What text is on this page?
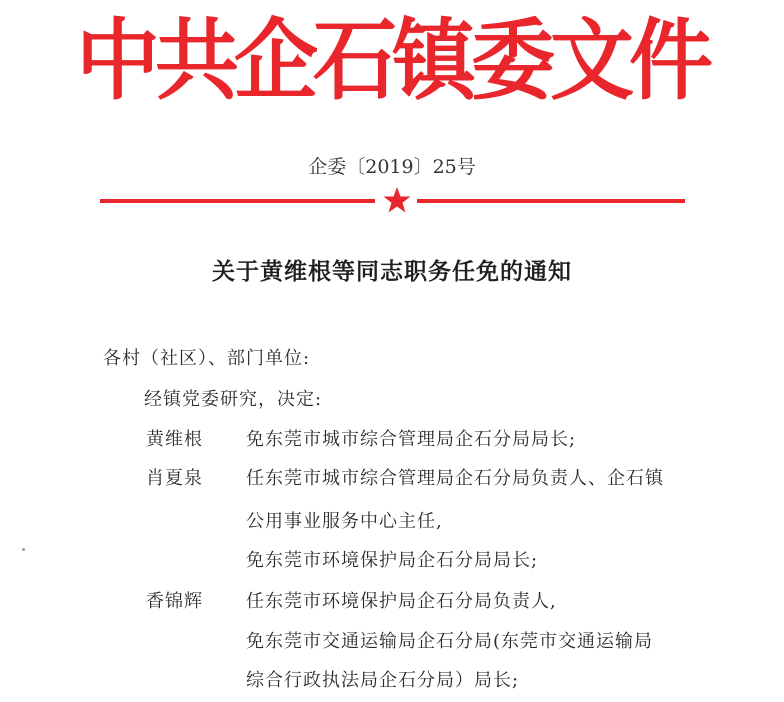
中共企石镇委文件
企委〔2019〕25号
关于黄维根等同志职务任免的通知
各村（社区）、部门单位:
经镇党委研究，决定:
黄维根 免东莞市城市综合管理局企石分局局长;
肖夏泉 任东莞市城市综合管理局企石分局负责人、企石镇
公用事业服务中心主任,
免东莞市环境保护局企石分局局长;
香锦辉 任东莞市环境保护局企石分局负责人,
免东莞市交通运输局企石分局(东莞市交通运输局
综合行政执法局企石分局）局长;
